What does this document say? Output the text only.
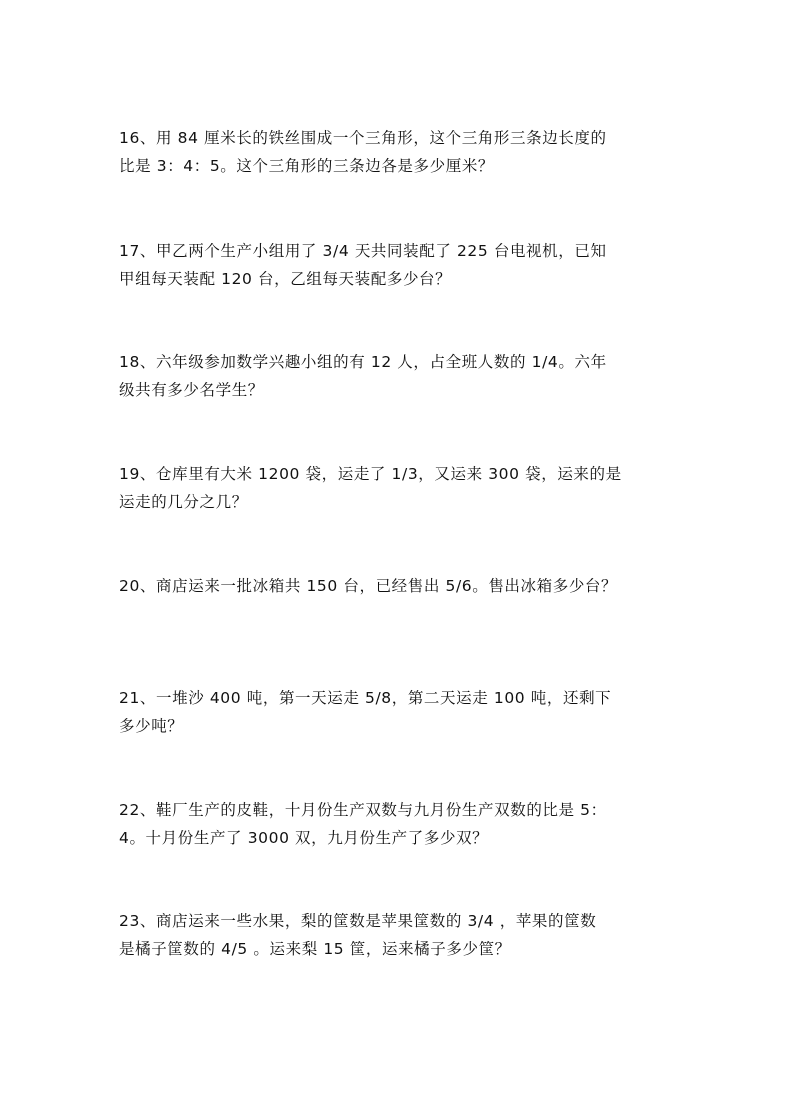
16、用 84 厘米长的铁丝围成一个三角形，这个三角形三条边长度的
比是 3：4：5。这个三角形的三条边各是多少厘米？
17、甲乙两个生产小组用了 3/4 天共同装配了 225 台电视机，已知
甲组每天装配 120 台，乙组每天装配多少台？
18、六年级参加数学兴趣小组的有 12 人，占全班人数的 1/4。六年
级共有多少名学生？
19、仓库里有大米 1200 袋，运走了 1/3，又运来 300 袋，运来的是
运走的几分之几？
20、商店运来一批冰箱共 150 台，已经售出 5/6。售出冰箱多少台？
21、一堆沙 400 吨，第一天运走 5/8，第二天运走 100 吨，还剩下
多少吨？
22、鞋厂生产的皮鞋，十月份生产双数与九月份生产双数的比是 5：
4。十月份生产了 3000 双，九月份生产了多少双？
23、商店运来一些水果，梨的筐数是苹果筐数的 3/4 ，苹果的筐数
是橘子筐数的 4/5 。运来梨 15 筐，运来橘子多少筐？
